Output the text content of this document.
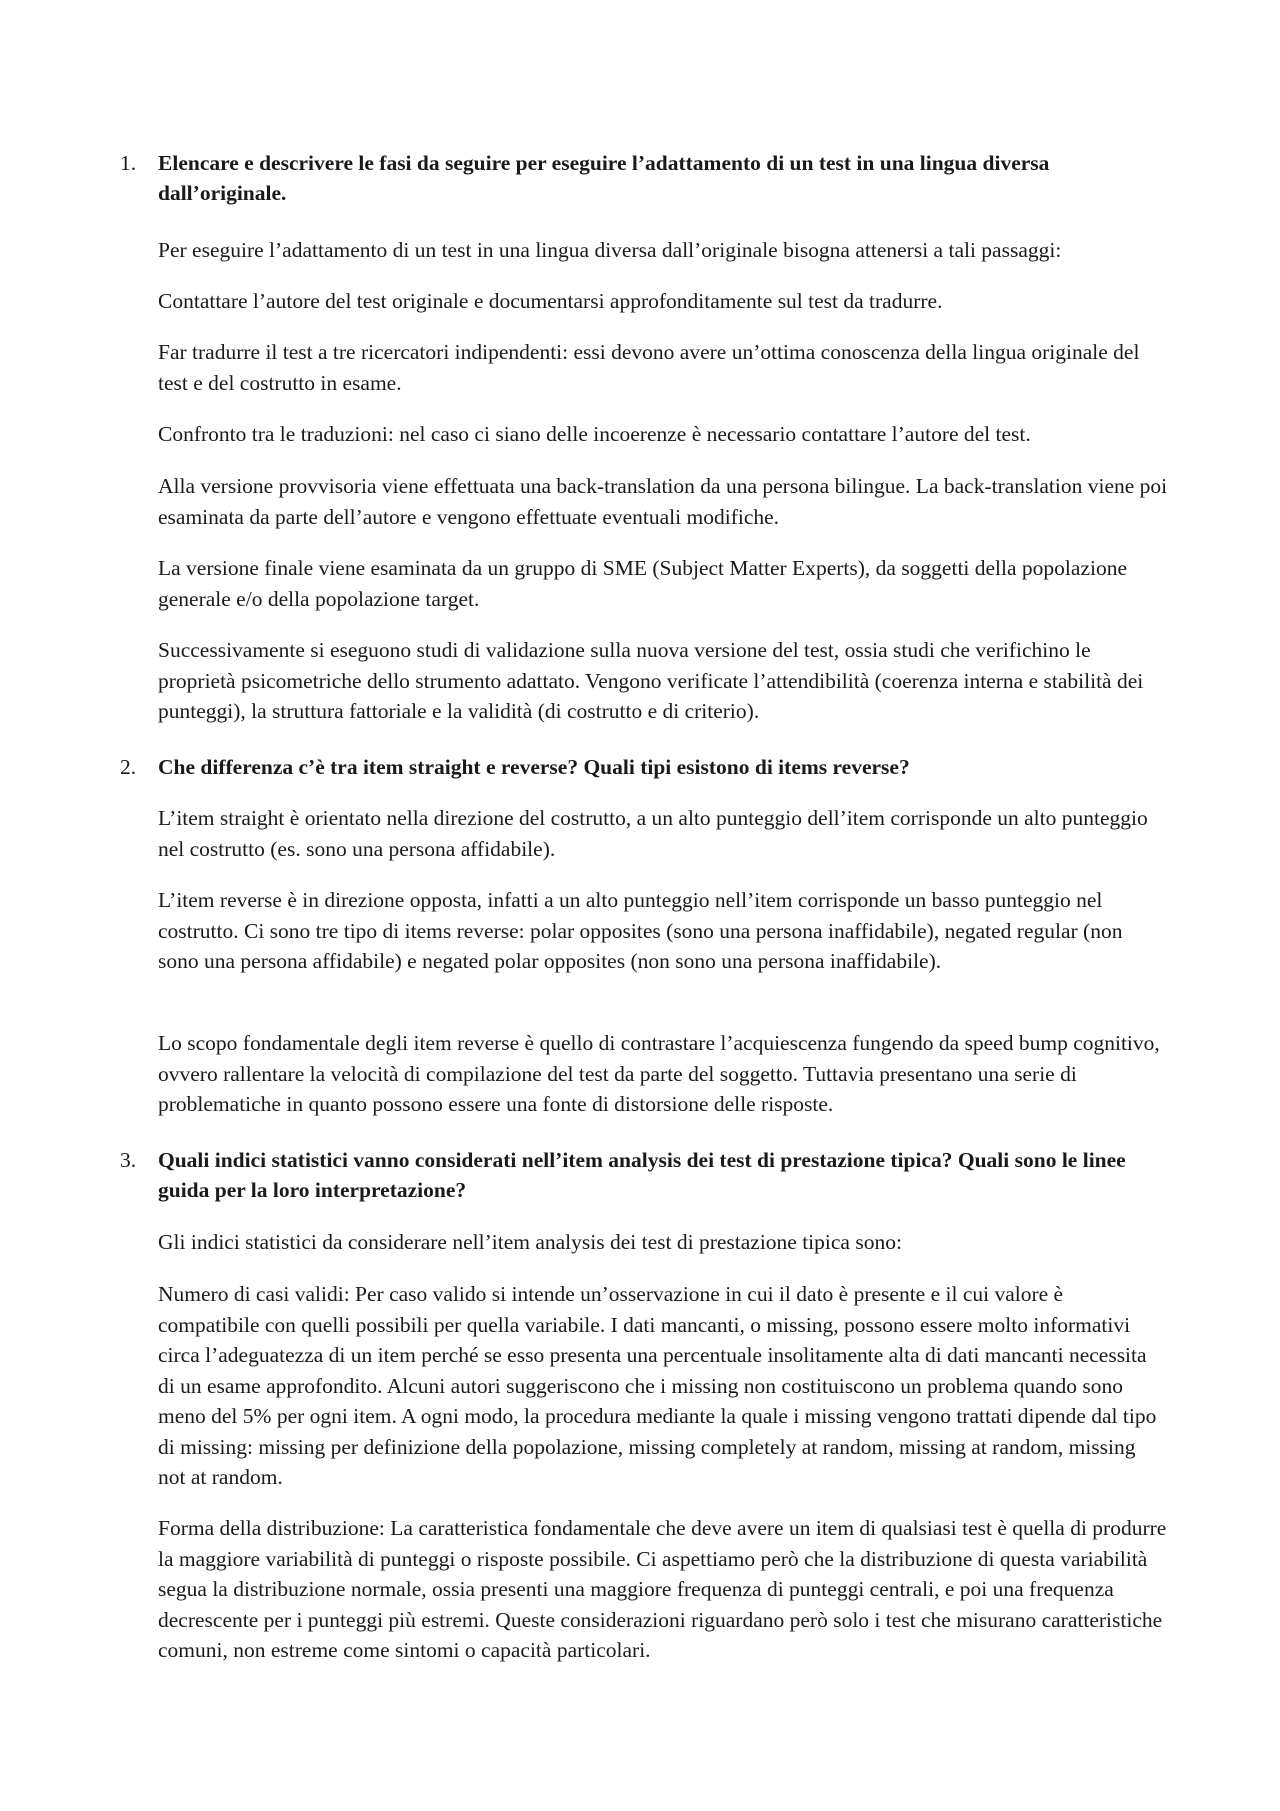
1. Elencare e descrivere le fasi da seguire per eseguire l’adattamento di un test in una lingua diversa dall’originale.

Per eseguire l’adattamento di un test in una lingua diversa dall’originale bisogna attenersi a tali passaggi:

Contattare l’autore del test originale e documentarsi approfonditamente sul test da tradurre.

Far tradurre il test a tre ricercatori indipendenti: essi devono avere un’ottima conoscenza della lingua originale del test e del costrutto in esame.

Confronto tra le traduzioni: nel caso ci siano delle incoerenze è necessario contattare l’autore del test.

Alla versione provvisoria viene effettuata una back-translation da una persona bilingue. La back-translation viene poi esaminata da parte dell’autore e vengono effettuate eventuali modifiche.

La versione finale viene esaminata da un gruppo di SME (Subject Matter Experts), da soggetti della popolazione generale e/o della popolazione target.

Successivamente si eseguono studi di validazione sulla nuova versione del test, ossia studi che verifichino le proprietà psicometriche dello strumento adattato. Vengono verificate l’attendibilità (coerenza interna e stabilità dei punteggi), la struttura fattoriale e la validità (di costrutto e di criterio).

2. Che differenza c’è tra item straight e reverse? Quali tipi esistono di items reverse?

L’item straight è orientato nella direzione del costrutto, a un alto punteggio dell’item corrisponde un alto punteggio nel costrutto (es. sono una persona affidabile).

L’item reverse è in direzione opposta, infatti a un alto punteggio nell’item corrisponde un basso punteggio nel costrutto. Ci sono tre tipo di items reverse: polar opposites (sono una persona inaffidabile), negated regular (non sono una persona affidabile) e negated polar opposites (non sono una persona inaffidabile).

Lo scopo fondamentale degli item reverse è quello di contrastare l’acquiescenza fungendo da speed bump cognitivo, ovvero rallentare la velocità di compilazione del test da parte del soggetto. Tuttavia presentano una serie di problematiche in quanto possono essere una fonte di distorsione delle risposte.

3. Quali indici statistici vanno considerati nell’item analysis dei test di prestazione tipica? Quali sono le linee guida per la loro interpretazione?

Gli indici statistici da considerare nell’item analysis dei test di prestazione tipica sono:

Numero di casi validi: Per caso valido si intende un’osservazione in cui il dato è presente e il cui valore è compatibile con quelli possibili per quella variabile. I dati mancanti, o missing, possono essere molto informativi circa l’adeguatezza di un item perché se esso presenta una percentuale insolitamente alta di dati mancanti necessita di un esame approfondito. Alcuni autori suggeriscono che i missing non costituiscono un problema quando sono meno del 5% per ogni item. A ogni modo, la procedura mediante la quale i missing vengono trattati dipende dal tipo di missing: missing per definizione della popolazione, missing completely at random, missing at random, missing not at random.

Forma della distribuzione: La caratteristica fondamentale che deve avere un item di qualsiasi test è quella di produrre la maggiore variabilità di punteggi o risposte possibile. Ci aspettiamo però che la distribuzione di questa variabilità segua la distribuzione normale, ossia presenti una maggiore frequenza di punteggi centrali, e poi una frequenza decrescente per i punteggi più estremi. Queste considerazioni riguardano però solo i test che misurano caratteristiche comuni, non estreme come sintomi o capacità particolari.
